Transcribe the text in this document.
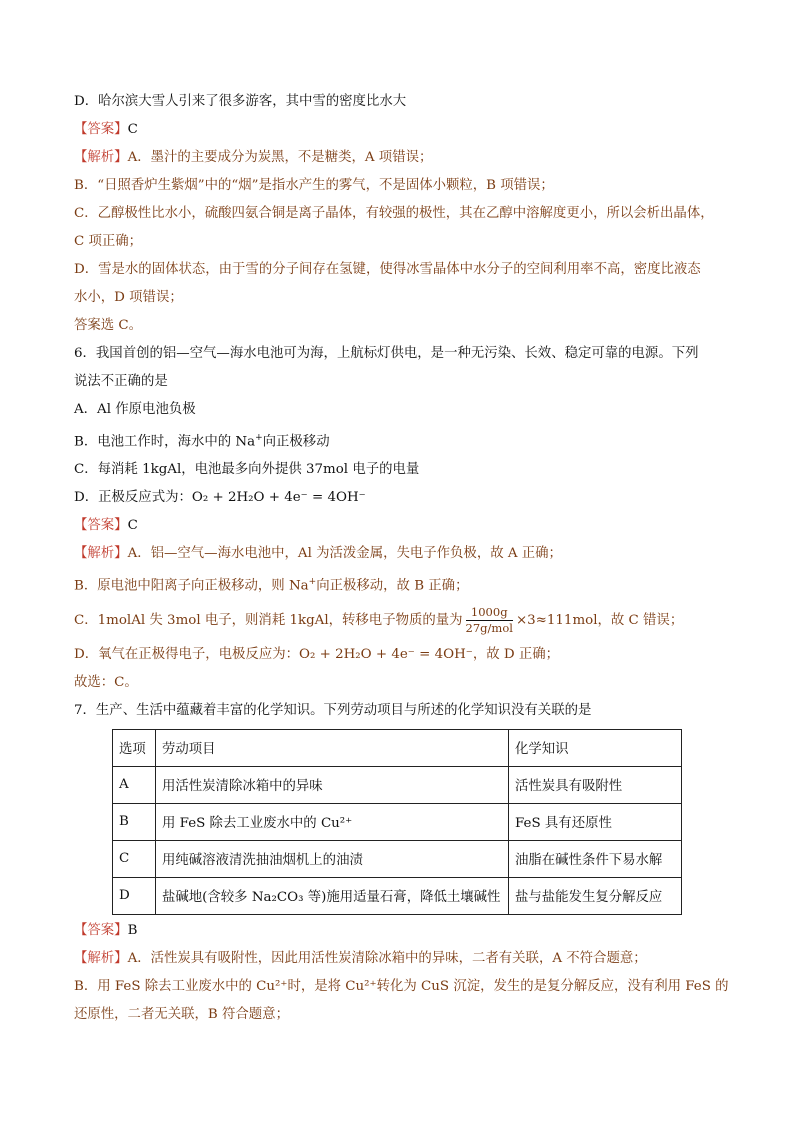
D．哈尔滨大雪人引来了很多游客，其中雪的密度比水大
【答案】C
【解析】A．墨汁的主要成分为炭黑，不是糖类，A 项错误；
B．“日照香炉生紫烟”中的“烟”是指水产生的雾气，不是固体小颗粒，B 项错误；
C．乙醇极性比水小，硫酸四氨合铜是离子晶体，有较强的极性，其在乙醇中溶解度更小，所以会析出晶体，
C 项正确；
D．雪是水的固体状态，由于雪的分子间存在氢键，使得冰雪晶体中水分子的空间利用率不高，密度比液态
水小，D 项错误；
答案选 C。
6．我国首创的铝—空气—海水电池可为海，上航标灯供电，是一种无污染、长效、稳定可靠的电源。下列
说法不正确的是
A．Al 作原电池负极
B．电池工作时，海水中的 Na+向正极移动
C．每消耗 1kgAl，电池最多向外提供 37mol 电子的电量
D．正极反应式为：O₂ + 2H₂O + 4e⁻ = 4OH⁻
【答案】C
【解析】A．铝—空气—海水电池中，Al 为活泼金属，失电子作负极，故 A 正确；
B．原电池中阳离子向正极移动，则 Na+向正极移动，故 B 正确；
C．1molAl 失 3mol 电子，则消耗 1kgAl，转移电子物质的量为 $\frac{1000g}{\text{27g/mol}} \times 3\approx 111mol$，故 C 错误；
D．氧气在正极得电子，电极反应为：O₂ + 2H₂O + 4e⁻ = 4OH⁻，故 D 正确；
故选：C。
7．生产、生活中蕴藏着丰富的化学知识。下列劳动项目与所述的化学知识没有关联的是
选项	劳动项目	化学知识
A	用活性炭清除冰箱中的异味	活性炭具有吸附性
B	用 FeS 除去工业废水中的 Cu²⁺	FeS 具有还原性
C	用纯碱溶液清洗抽油烟机上的油渍	油脂在碱性条件下易水解
D	盐碱地(含较多 Na₂CO₃ 等)施用适量石膏，降低土壤碱性	盐与盐能发生复分解反应
【答案】B
【解析】A．活性炭具有吸附性，因此用活性炭清除冰箱中的异味，二者有关联，A 不符合题意；
B．用 FeS 除去工业废水中的 Cu²⁺时，是将 Cu²⁺转化为 CuS 沉淀，发生的是复分解反应，没有利用 FeS 的
还原性，二者无关联，B 符合题意；
